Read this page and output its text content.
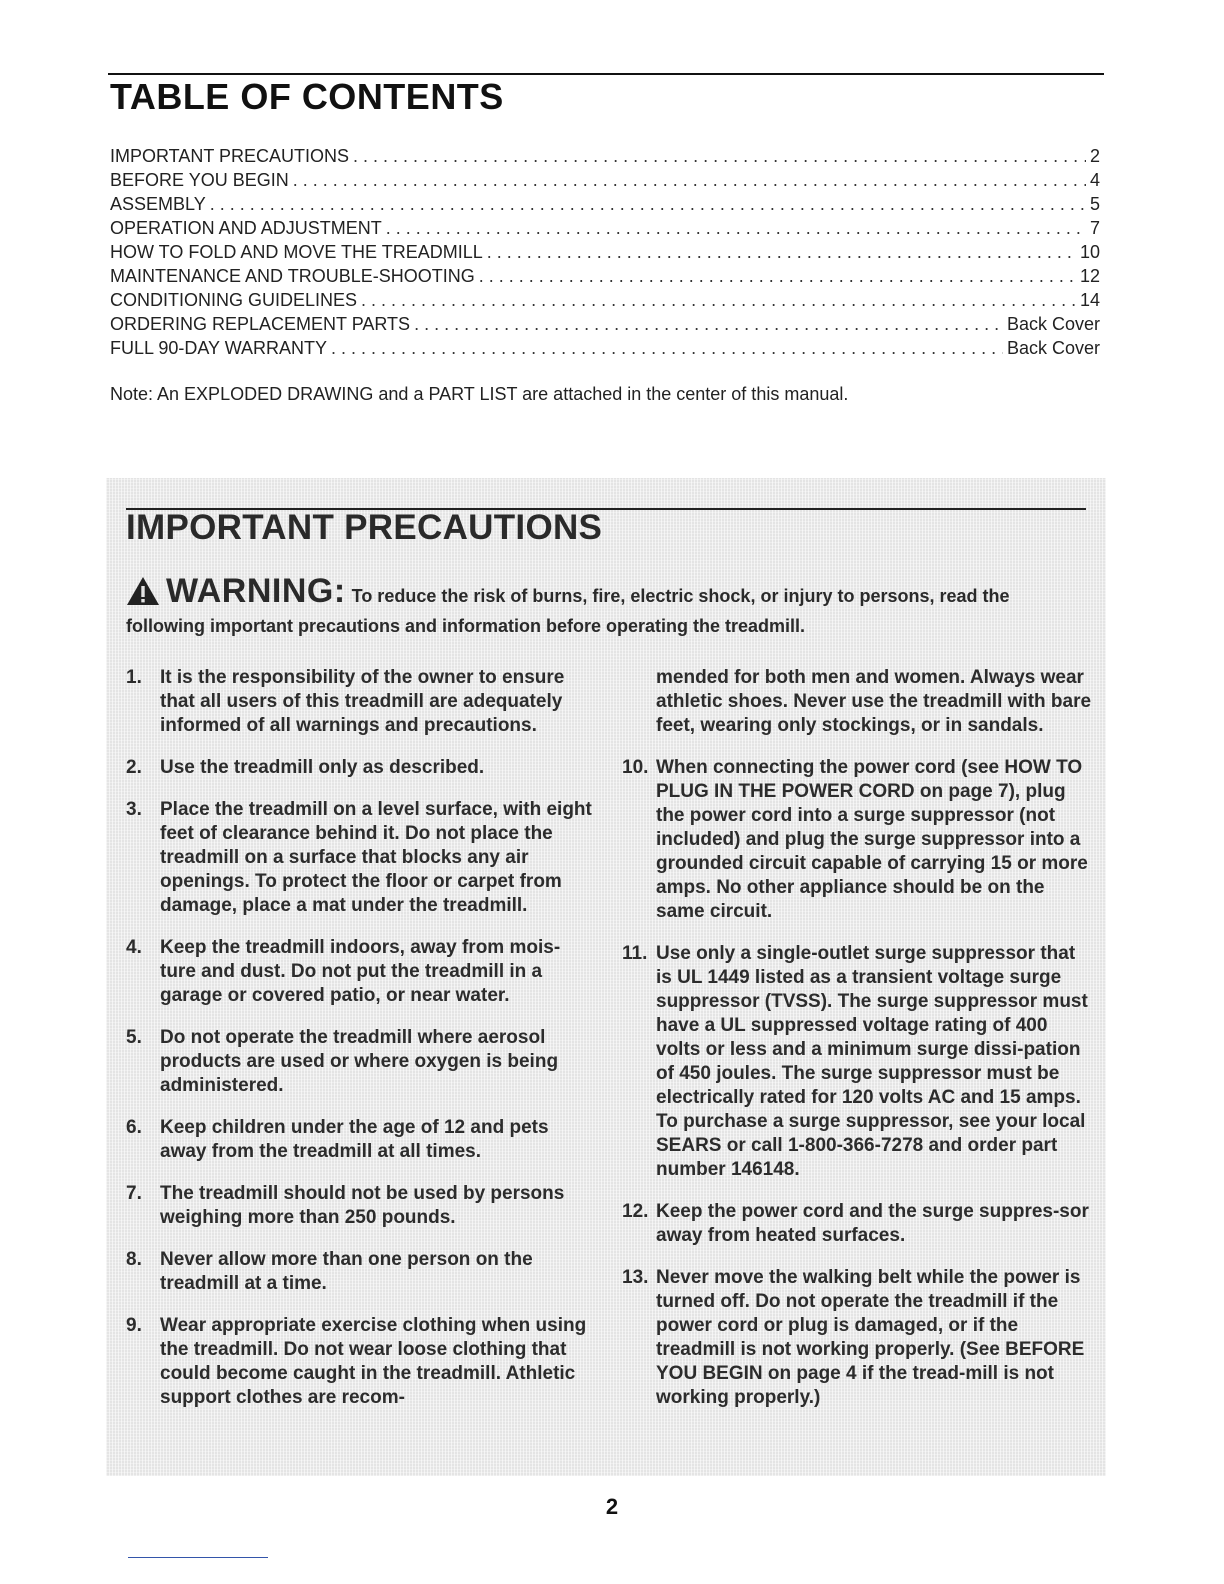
TABLE OF CONTENTS
IMPORTANT PRECAUTIONS . . .	2
BEFORE YOU BEGIN . . .	4
ASSEMBLY . . .	5
OPERATION AND ADJUSTMENT . . .	7
HOW TO FOLD AND MOVE THE TREADMILL . . .	10
MAINTENANCE AND TROUBLE-SHOOTING . . .	12
CONDITIONING GUIDELINES . . .	14
ORDERING REPLACEMENT PARTS . . .	Back Cover
FULL 90-DAY WARRANTY . . .	Back Cover

Note: An EXPLODED DRAWING and a PART LIST are attached in the center of this manual.

IMPORTANT PRECAUTIONS

WARNING: To reduce the risk of burns, fire, electric shock, or injury to persons, read the following important precautions and information before operating the treadmill.

1. It is the responsibility of the owner to ensure that all users of this treadmill are adequately informed of all warnings and precautions.
2. Use the treadmill only as described.
3. Place the treadmill on a level surface, with eight feet of clearance behind it. Do not place the treadmill on a surface that blocks any air openings. To protect the floor or carpet from damage, place a mat under the treadmill.
4. Keep the treadmill indoors, away from mois-ture and dust. Do not put the treadmill in a garage or covered patio, or near water.
5. Do not operate the treadmill where aerosol products are used or where oxygen is being administered.
6. Keep children under the age of 12 and pets away from the treadmill at all times.
7. The treadmill should not be used by persons weighing more than 250 pounds.
8. Never allow more than one person on the treadmill at a time.
9. Wear appropriate exercise clothing when using the treadmill. Do not wear loose clothing that could become caught in the treadmill. Athletic support clothes are recom-
mended for both men and women. Always wear athletic shoes. Never use the treadmill with bare feet, wearing only stockings, or in sandals.
10. When connecting the power cord (see HOW TO PLUG IN THE POWER CORD on page 7), plug the power cord into a surge suppressor (not included) and plug the surge suppressor into a grounded circuit capable of carrying 15 or more amps. No other appliance should be on the same circuit.
11. Use only a single-outlet surge suppressor that is UL 1449 listed as a transient voltage surge suppressor (TVSS). The surge suppressor must have a UL suppressed voltage rating of 400 volts or less and a minimum surge dissi-pation of 450 joules. The surge suppressor must be electrically rated for 120 volts AC and 15 amps. To purchase a surge suppressor, see your local SEARS or call 1-800-366-7278 and order part number 146148.
12. Keep the power cord and the surge suppres-sor away from heated surfaces.
13. Never move the walking belt while the power is turned off. Do not operate the treadmill if the power cord or plug is damaged, or if the treadmill is not working properly. (See BEFORE YOU BEGIN on page 4 if the tread-mill is not working properly.)

2
